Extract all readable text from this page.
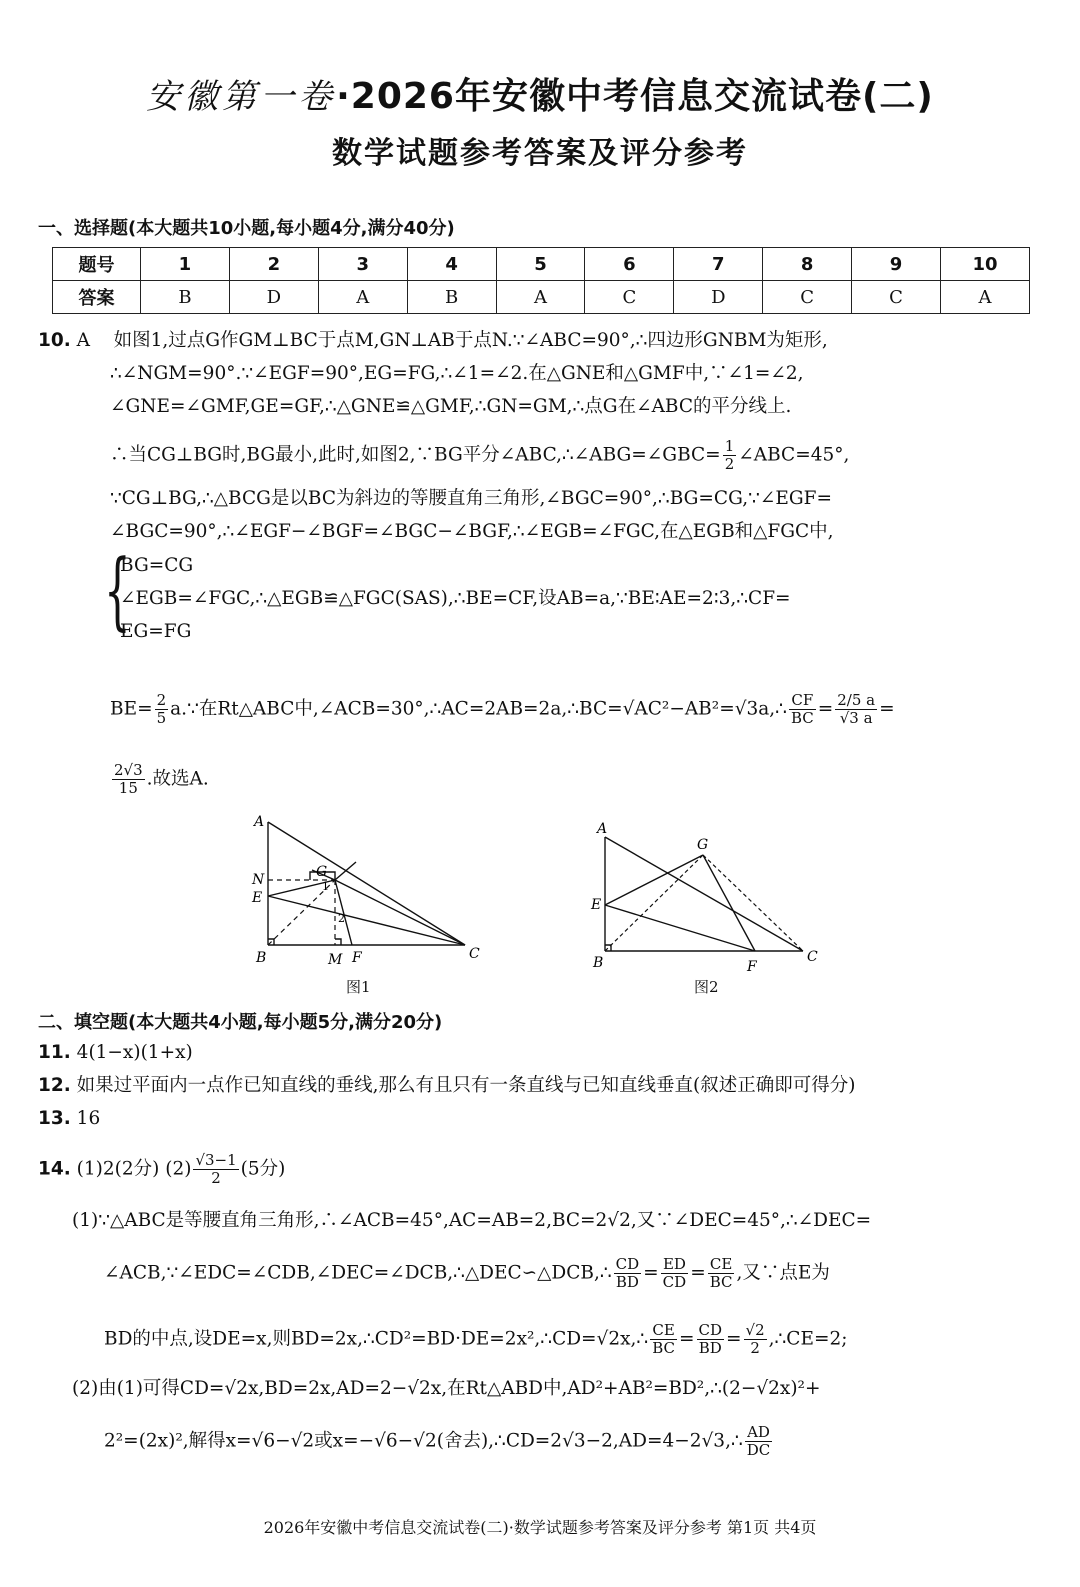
安徽第一卷·2026年安徽中考信息交流试卷(二)
数学试题参考答案及评分参考
一、选择题(本大题共10小题,每小题4分,满分40分)
题号	1	2	3	4	5	6	7	8	9	10
答案	B	D	A	B	A	C	D	C	C	A
10. A 如图1,过点G作GM⊥BC于点M,GN⊥AB于点N.∵∠ABC=90°,∴四边形GNBM为矩形,
∴∠NGM=90°.∵∠EGF=90°,EG=FG,∴∠1=∠2.在△GNE和△GMF中,∵∠1=∠2,
∠GNE=∠GMF,GE=GF,∴△GNE≌△GMF,∴GN=GM,∴点G在∠ABC的平分线上.
∴当CG⊥BG时,BG最小,此时,如图2,∵BG平分∠ABC,∴∠ABG=∠GBC= $\frac{1}{2}$ ∠ABC=45°,
∵CG⊥BG,∴△BCG是以BC为斜边的等腰直角三角形,∠BGC=90°,∴BG=CG,∵∠EGF=
∠BGC=90°,∴∠EGF−∠BGF=∠BGC−∠BGF,∴∠EGB=∠FGC,在△EGB和△FGC中,
{
BG=CG
∠EGB=∠FGC,∴△EGB≌△FGC(SAS),∴BE=CF,设AB=a,∵BE∶AE=2∶3,∴CF=
EG=FG
$BE= \frac{2}{5}$ a.∵在Rt△ABC中,∠ACB=30°,∴AC=2AB=2a,∴BC=√AC²−AB²=√3a,∴ $\frac{CF}{BC} = \frac{2/5 a}{√3 a}$ =
$\frac{2√3}{15}$ .故选A.
A
N
E
G
B	M F	C
2
1
图1
A
E
G
B	F
C
图2
二、填空题(本大题共4小题,每小题5分,满分20分)
11. 4(1−x)(1+x)
12. 如果过平面内一点作已知直线的垂线,那么有且只有一条直线与已知直线垂直(叙述正确即可得分)
13. 16
14. (1)2(2分) $(2) \frac{√3-1}{2} (5$分)
(1)∵△ABC是等腰直角三角形,∴∠ACB=45°,AC=AB=2,BC=2√2,又∵∠DEC=45°,∴∠DEC=
∠ACB,∵∠EDC=∠CDB,∠DEC=∠DCB,∴△DEC∽△DCB,∴ $\frac{CD}{BD} = \frac{ED}{CD} = \frac{CE}{BC}$ ,又∵点E为
BD的中点,设DE=x,则BD=2x,∴CD²=BD·DE=2x²,∴CD=√2x,∴ $\frac{CE}{BC} = \frac{CD}{BD} = \frac{√2}{2}$ ,∴CE=2;
(2)由(1)可得CD=√2x,BD=2x,AD=2−√2x,在Rt△ABD中,AD²+AB²=BD²,∴(2−√2x)²+
2²=(2x)²,解得x=√6−√2或x=−√6−√2(舍去),∴CD=2√3−2,AD=4−2√3,∴ $\frac{AD}{DC}$
2026年安徽中考信息交流试卷(二)·数学试题参考答案及评分参考 第1页 共4页
